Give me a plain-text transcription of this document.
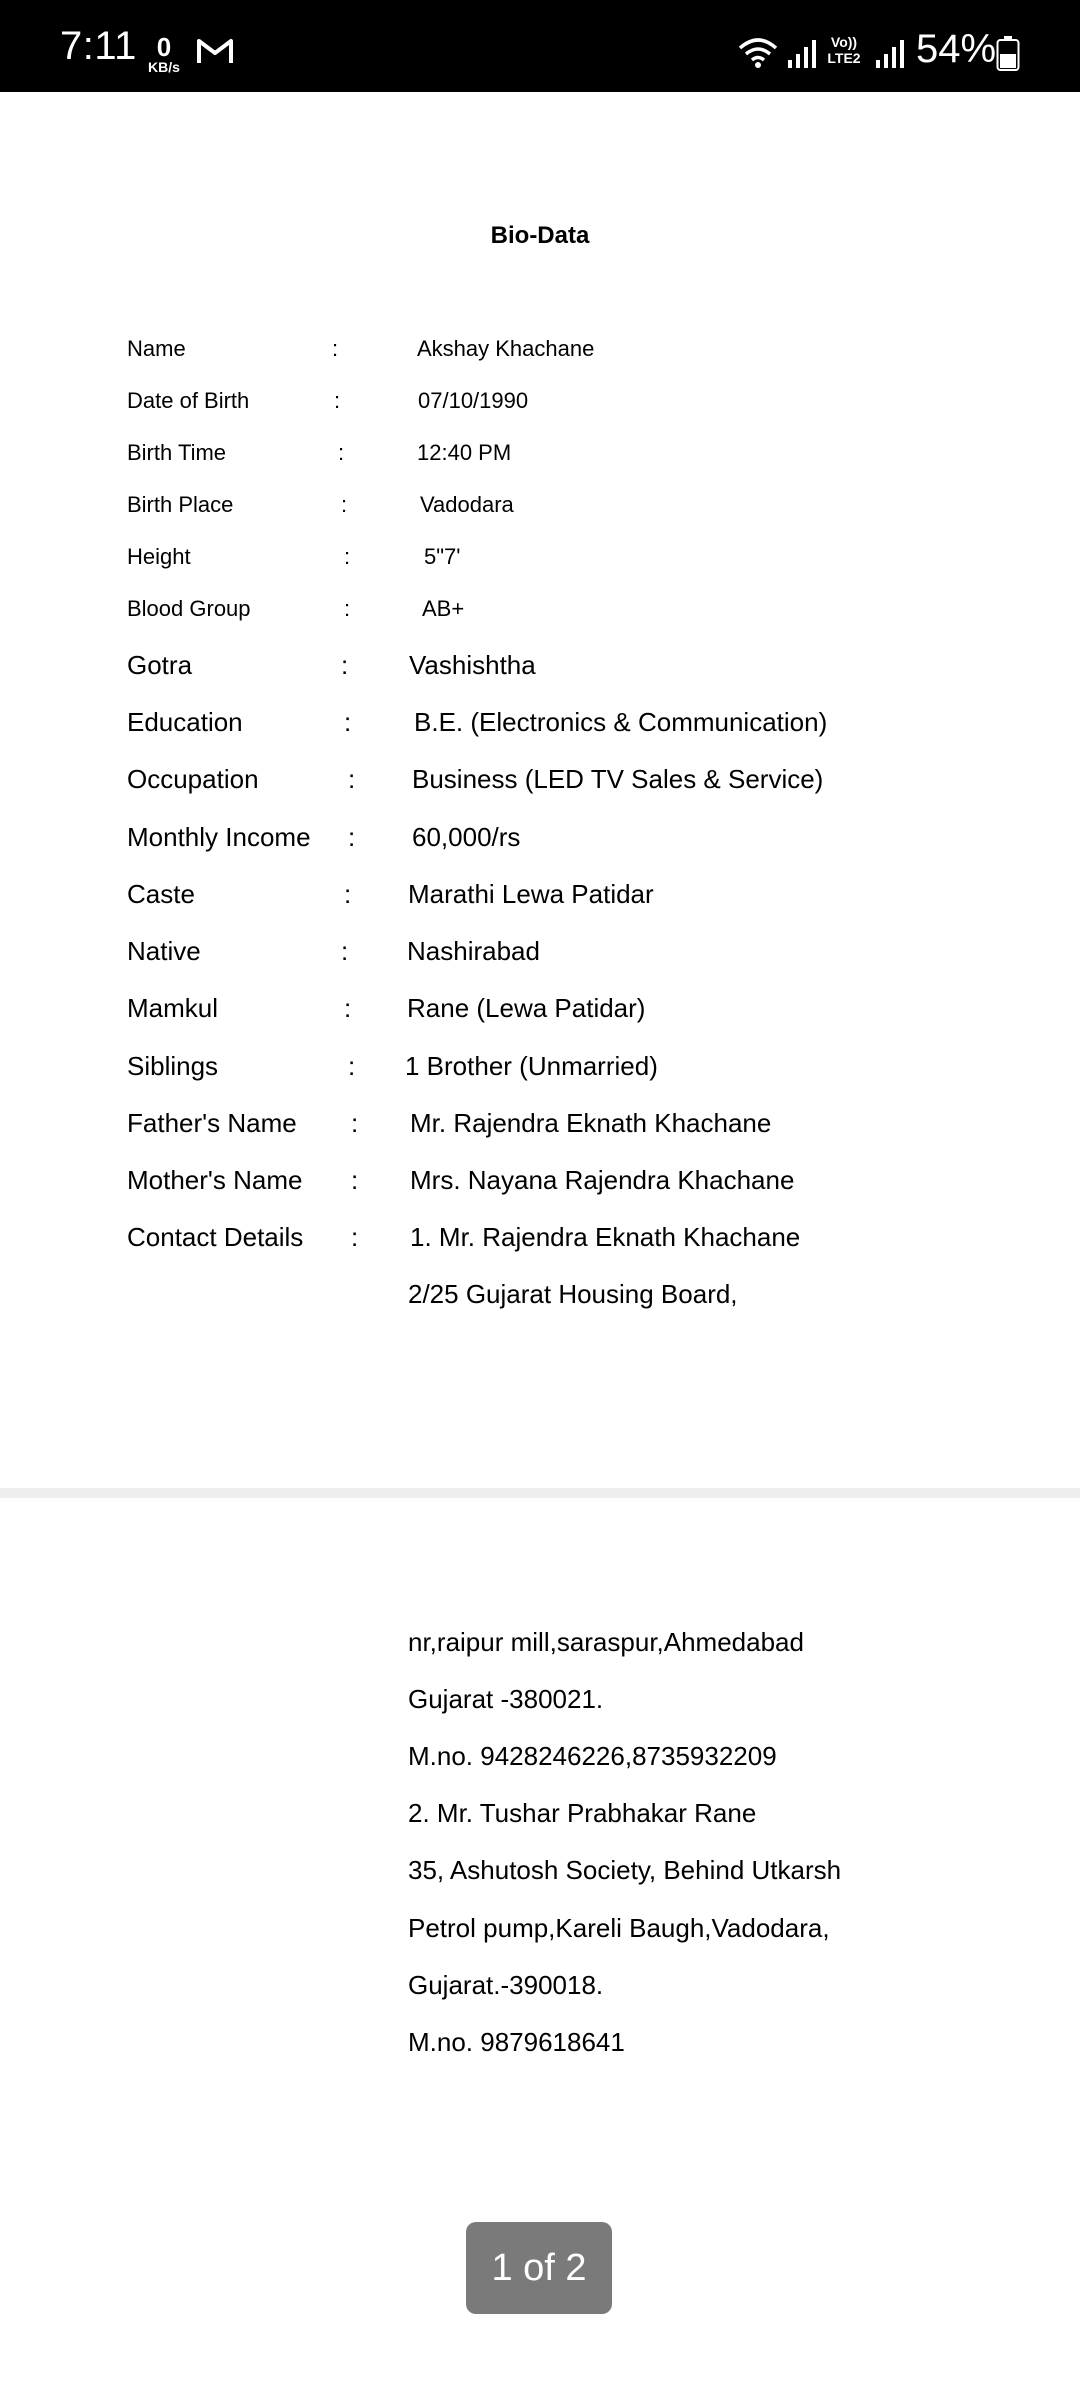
7:11 0
KB/s
Vo))
LTE2 54%
Bio-Data
Name	:	Akshay Khachane
Date of Birth	:	07/10/1990
Birth Time	:	12:40 PM
Birth Place	:	Vadodara
Height	:	5"7'
Blood Group	:	AB+
Gotra	: Vashishtha
Education	: B.E. (Electronics & Communication)
Occupation	: Business (LED TV Sales & Service)
Monthly Income : 60,000/rs
Caste	: Marathi Lewa Patidar
Native	: Nashirabad
Mamkul	: Rane (Lewa Patidar)
Siblings	: 1 Brother (Unmarried)
Father's Name : Mr. Rajendra Eknath Khachane
Mother's Name : Mrs. Nayana Rajendra Khachane
Contact Details : 1. Mr. Rajendra Eknath Khachane
2/25 Gujarat Housing Board,
nr,raipur mill,saraspur,Ahmedabad
Gujarat -380021.
M.no. 9428246226,8735932209
2. Mr. Tushar Prabhakar Rane
35, Ashutosh Society, Behind Utkarsh
Petrol pump,Kareli Baugh,Vadodara,
Gujarat.-390018.
M.no. 9879618641
1 of 2
